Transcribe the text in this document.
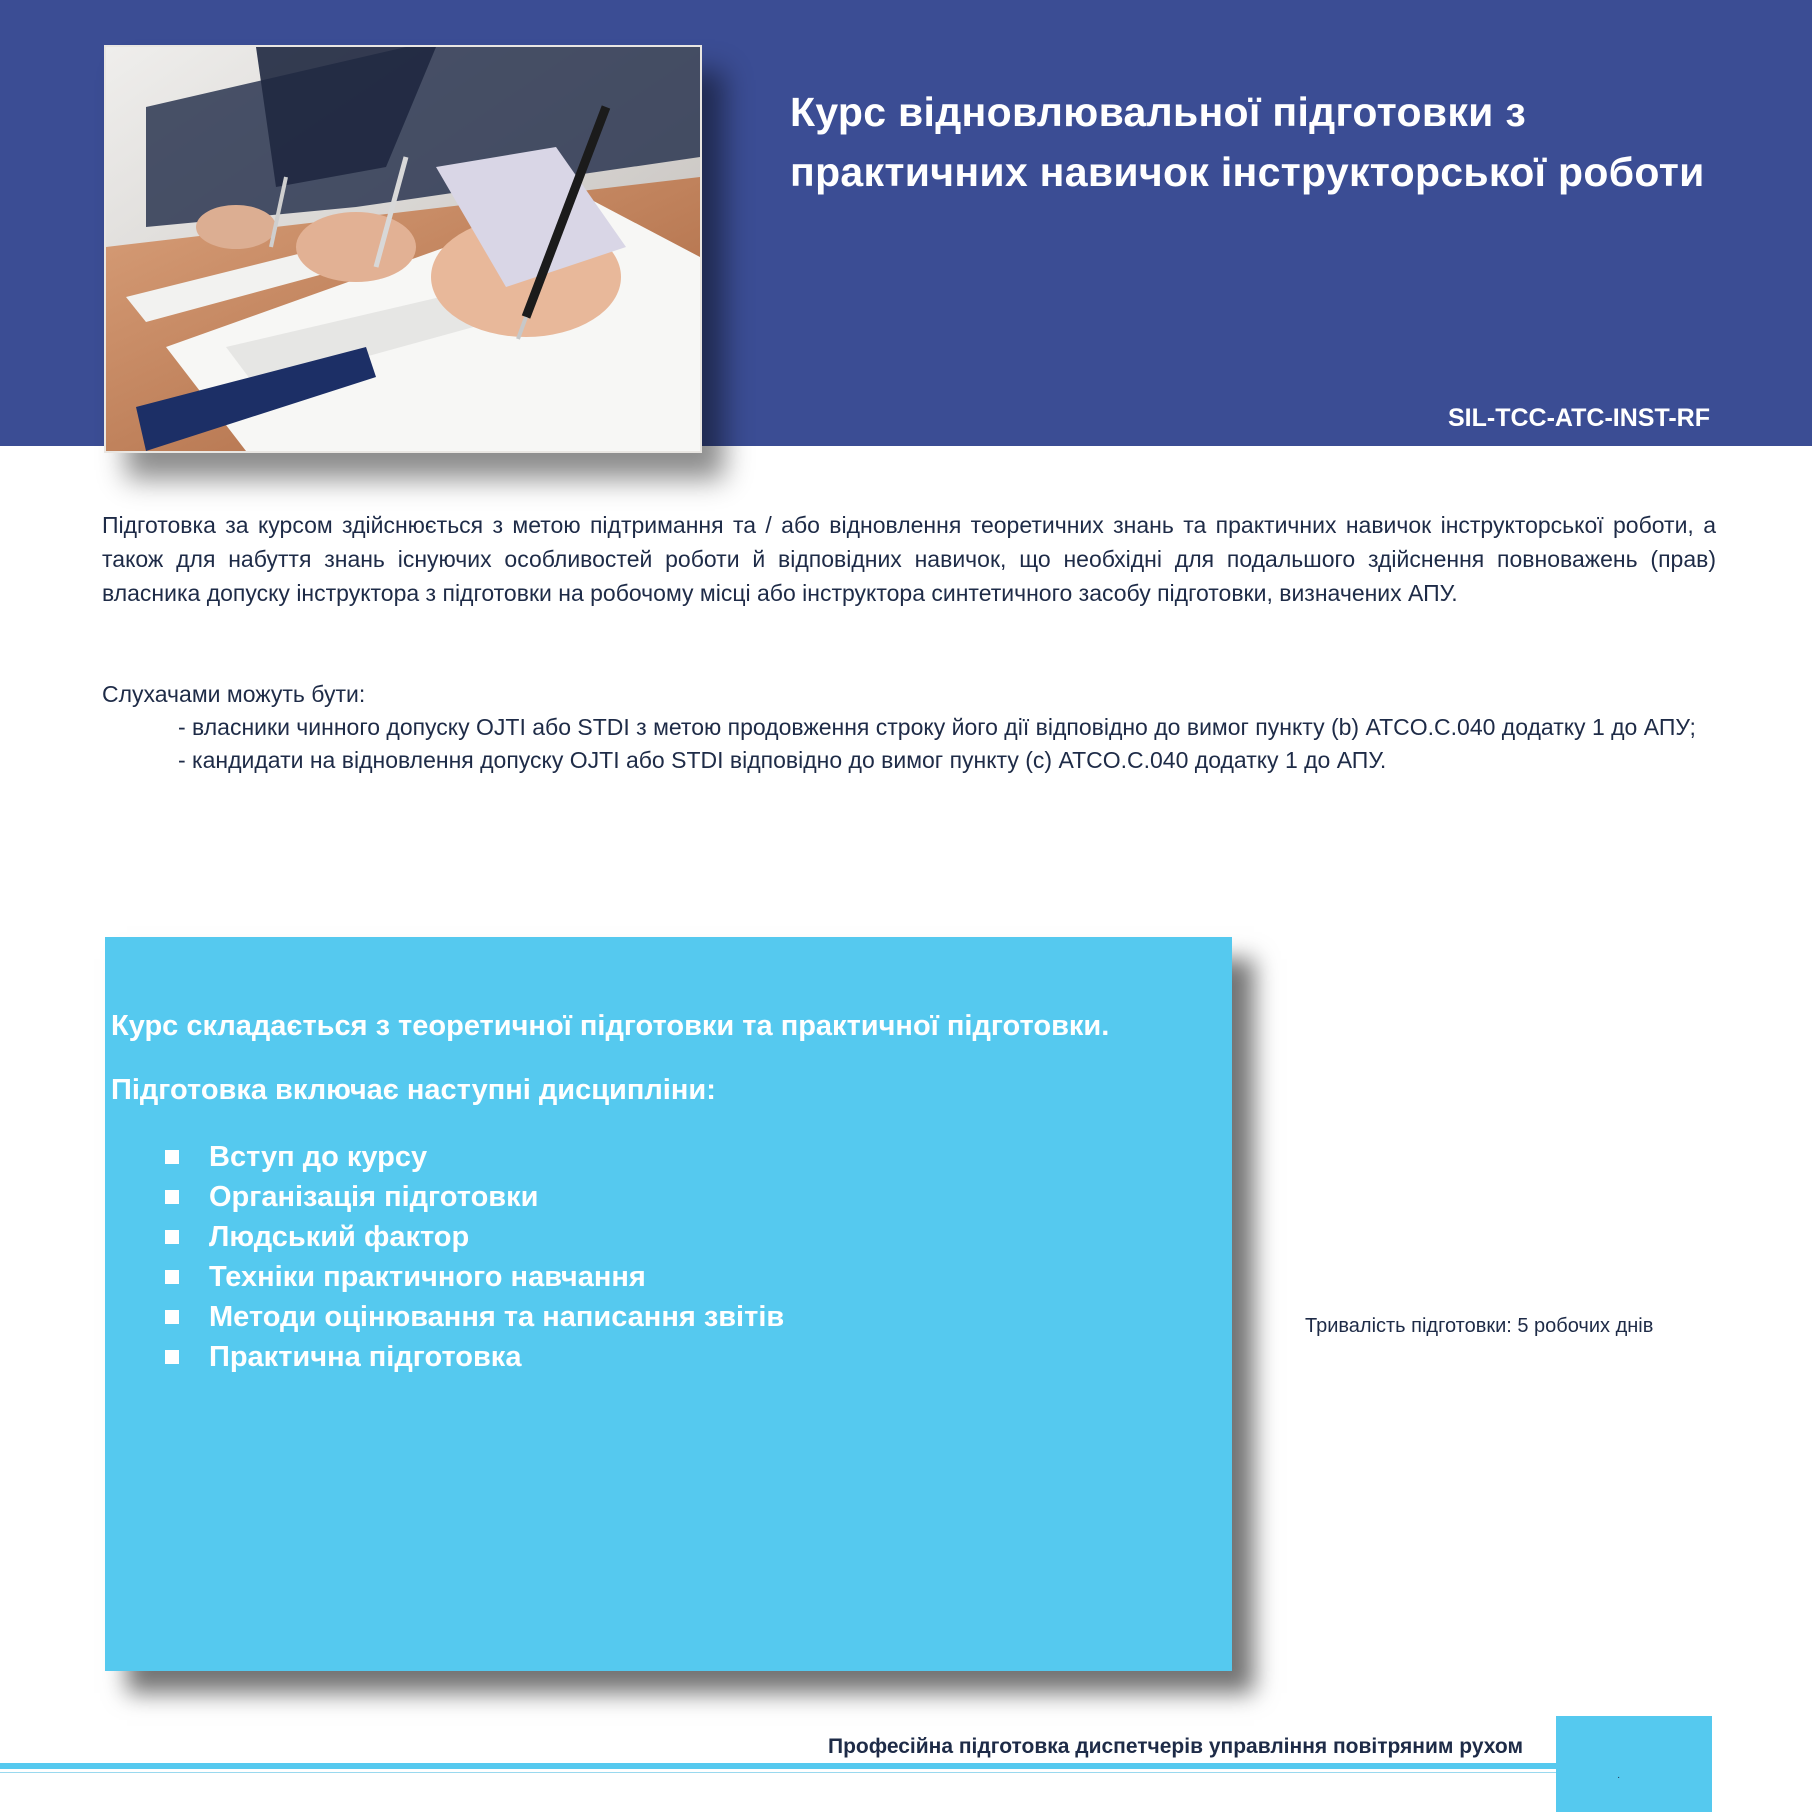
Курс відновлювальної підготовки з практичних навичок інструкторської роботи
SIL-TCC-ATC-INST-RF
Підготовка за курсом здійснюється з метою підтримання та / або відновлення теоретичних знань та практичних навичок інструкторської роботи, а також для набуття знань існуючих особливостей роботи й відповідних навичок, що необхідні для подальшого здійснення повноважень (прав) власника допуску інструктора з підготовки на робочому місці або інструктора синтетичного засобу підготовки, визначених АПУ.
Слухачами можуть бути:
- власники чинного допуску OJTI або STDI з метою продовження строку його дії відповідно до вимог пункту (b) ATCO.C.040 додатку 1 до АПУ;
- кандидати на відновлення допуску OJTI або STDI відповідно до вимог пункту (с) ATCO.C.040 додатку 1 до АПУ.
Курс складається з теоретичної підготовки та практичної підготовки.
Підготовка включає наступні дисципліни:
Вступ до курсу
Організація підготовки
Людський фактор
Техніки практичного навчання
Методи оцінювання та написання звітів
Практична підготовка
Тривалість підготовки: 5 робочих днів
Професійна підготовка диспетчерів управління повітряним рухом
·
